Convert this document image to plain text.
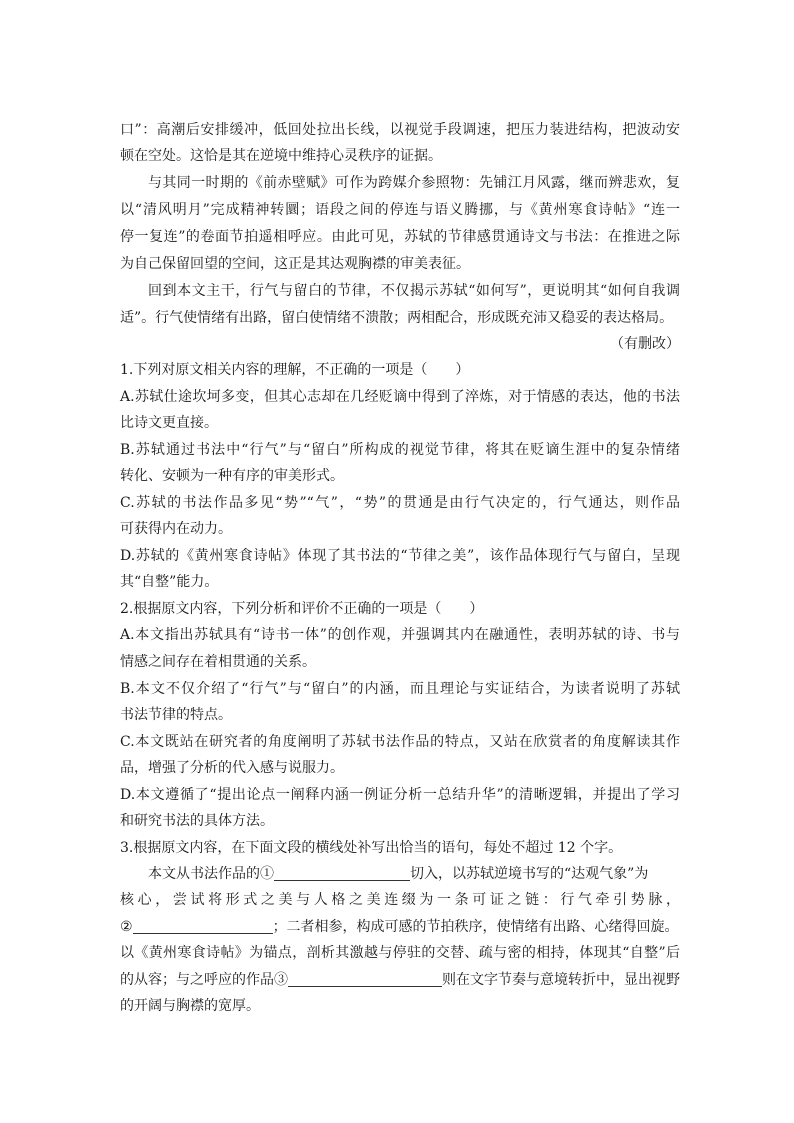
口”：高潮后安排缓冲，低回处拉出长线，以视觉手段调速，把压力装进结构，把波动安
顿在空处。这恰是其在逆境中维持心灵秩序的证据。
与其同一时期的《前赤壁赋》可作为跨媒介参照物：先铺江月风露，继而辨悲欢，复
以“清风明月”完成精神转圜；语段之间的停连与语义腾挪，与《黄州寒食诗帖》“连一
停一复连”的卷面节拍遥相呼应。由此可见，苏轼的节律感贯通诗文与书法：在推进之际
为自己保留回望的空间，这正是其达观胸襟的审美表征。
回到本文主干，行气与留白的节律，不仅揭示苏轼“如何写”，更说明其“如何自我调
适”。行气使情绪有出路，留白使情绪不溃散；两相配合，形成既充沛又稳妥的表达格局。
（有删改）
1.下列对原文相关内容的理解，不正确的一项是（　　）
A.苏轼仕途坎坷多变，但其心志却在几经贬谪中得到了淬炼，对于情感的表达，他的书法
比诗文更直接。
B.苏轼通过书法中“行气”与“留白”所构成的视觉节律，将其在贬谪生涯中的复杂情绪
转化、安顿为一种有序的审美形式。
C.苏轼的书法作品多见“势”“气”，“势”的贯通是由行气决定的，行气通达，则作品
可获得内在动力。
D.苏轼的《黄州寒食诗帖》体现了其书法的“节律之美”，该作品体现行气与留白，呈现
其“自整”能力。
2.根据原文内容，下列分析和评价不正确的一项是（　　）
A.本文指出苏轼具有“诗书一体”的创作观，并强调其内在融通性，表明苏轼的诗、书与
情感之间存在着相贯通的关系。
B.本文不仅介绍了“行气”与“留白”的内涵，而且理论与实证结合，为读者说明了苏轼
书法节律的特点。
C.本文既站在研究者的角度阐明了苏轼书法作品的特点，又站在欣赏者的角度解读其作
品，增强了分析的代入感与说服力。
D.本文遵循了“提出论点一阐释内涵一例证分析一总结升华”的清晰逻辑，并提出了学习
和研究书法的具体方法。
3.根据原文内容，在下面文段的横线处补写出恰当的语句，每处不超过 12 个字。
本文从书法作品的①	切入，以苏轼逆境书写的“达观气象”为
核心，尝试将形式之美与人格之美连缀为一条可证之链：行气牵引势脉，
②	；二者相参，构成可感的节拍秩序，使情绪有出路、心绪得回旋。
以《黄州寒食诗帖》为锚点，剖析其激越与停驻的交替、疏与密的相持，体现其“自整”后
的从容；与之呼应的作品③	则在文字节奏与意境转折中，显出视野
的开阔与胸襟的宽厚。
